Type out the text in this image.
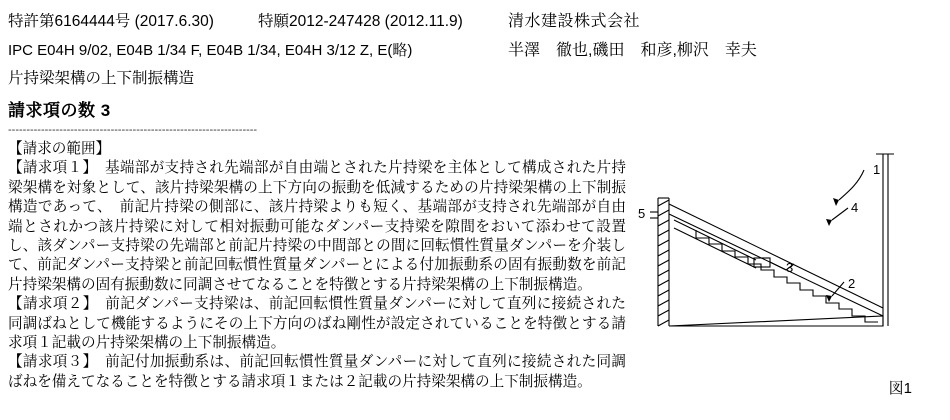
特許第6164444号 (2017.6.30)	特願2012-247428 (2012.11.9)	清水建設株式会社
IPC E04H 9/02, E04B 1/34 F, E04B 1/34, E04H 3/12 Z, E(略)	半澤　徹也,磯田　和彦,柳沢　幸夫
片持梁架構の上下制振構造
請求項の数 3
--------------------------------------------------------------------

【請求の範囲】

【請求項１】　基端部が支持され先端部が自由端とされた片持梁を主体として構成された片持梁架構を対象として、該片持梁架構の上下方向の振動を低減するための片持梁架構の上下制振構造であって、　前記片持梁の側部に、該片持梁よりも短く、基端部が支持され先端部が自由端とされかつ該片持梁に対して相対振動可能なダンパー支持梁を隙間をおいて添わせて設置し、該ダンパー支持梁の先端部と前記片持梁の中間部との間に回転慣性質量ダンパーを介装して、前記ダンパー支持梁と前記回転慣性質量ダンパーとによる付加振動系の固有振動数を前記片持梁架構の固有振動数に同調させてなることを特徴とする片持梁架構の上下制振構造。

【請求項２】　前記ダンパー支持梁は、前記回転慣性質量ダンパーに対して直列に接続された同調ばねとして機能するようにその上下方向のばね剛性が設定されていることを特徴とする請求項１記載の片持梁架構の上下制振構造。

【請求項３】　前記付加振動系は、前記回転慣性質量ダンパーに対して直列に接続された同調ばねを備えてなることを特徴とする請求項１または２記載の片持梁架構の上下制振構造。

1
4
5
3
2
図1
